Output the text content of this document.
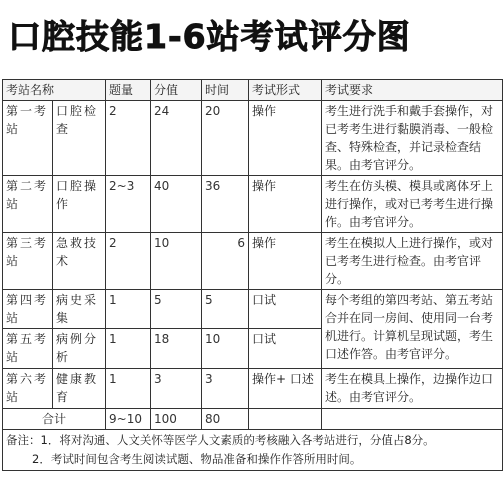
口腔技能1-6站考试评分图
考站名称		题量	分值	时间	考试形式	考试要求
第一考站	口腔检查	2	24	20	操作	考生进行洗手和戴手套操作，对已考考生进行黏膜消毒、一般检查、特殊检查，并记录检查结果。由考官评分。
第二考站	口腔操作	2~3	40	36	操作	考生在仿头模、模具或离体牙上进行操作，或对已考考生进行操作。由考官评分。
第三考站	急救技术	2	10	6	操作	考生在模拟人上进行操作，或对已考考生进行检查。由考官评分。
第四考站	病史采集	1	5	5	口试	每个考组的第四考站、第五考站合并在同一房间、使用同一台考机进行。计算机呈现试题，考生口述作答。由考官评分。
第五考站	病例分析	1	18	10	口试	
第六考站	健康教育	1	3	3	操作+ 口述	考生在模具上操作，边操作边口述。由考官评分。
合计		9~10	100	80		
备注：1．将对沟通、人文关怀等医学人文素质的考核融入各考站进行，分值占8分。

2．考试时间包含考生阅读试题、物品准备和操作作答所用时间。						
